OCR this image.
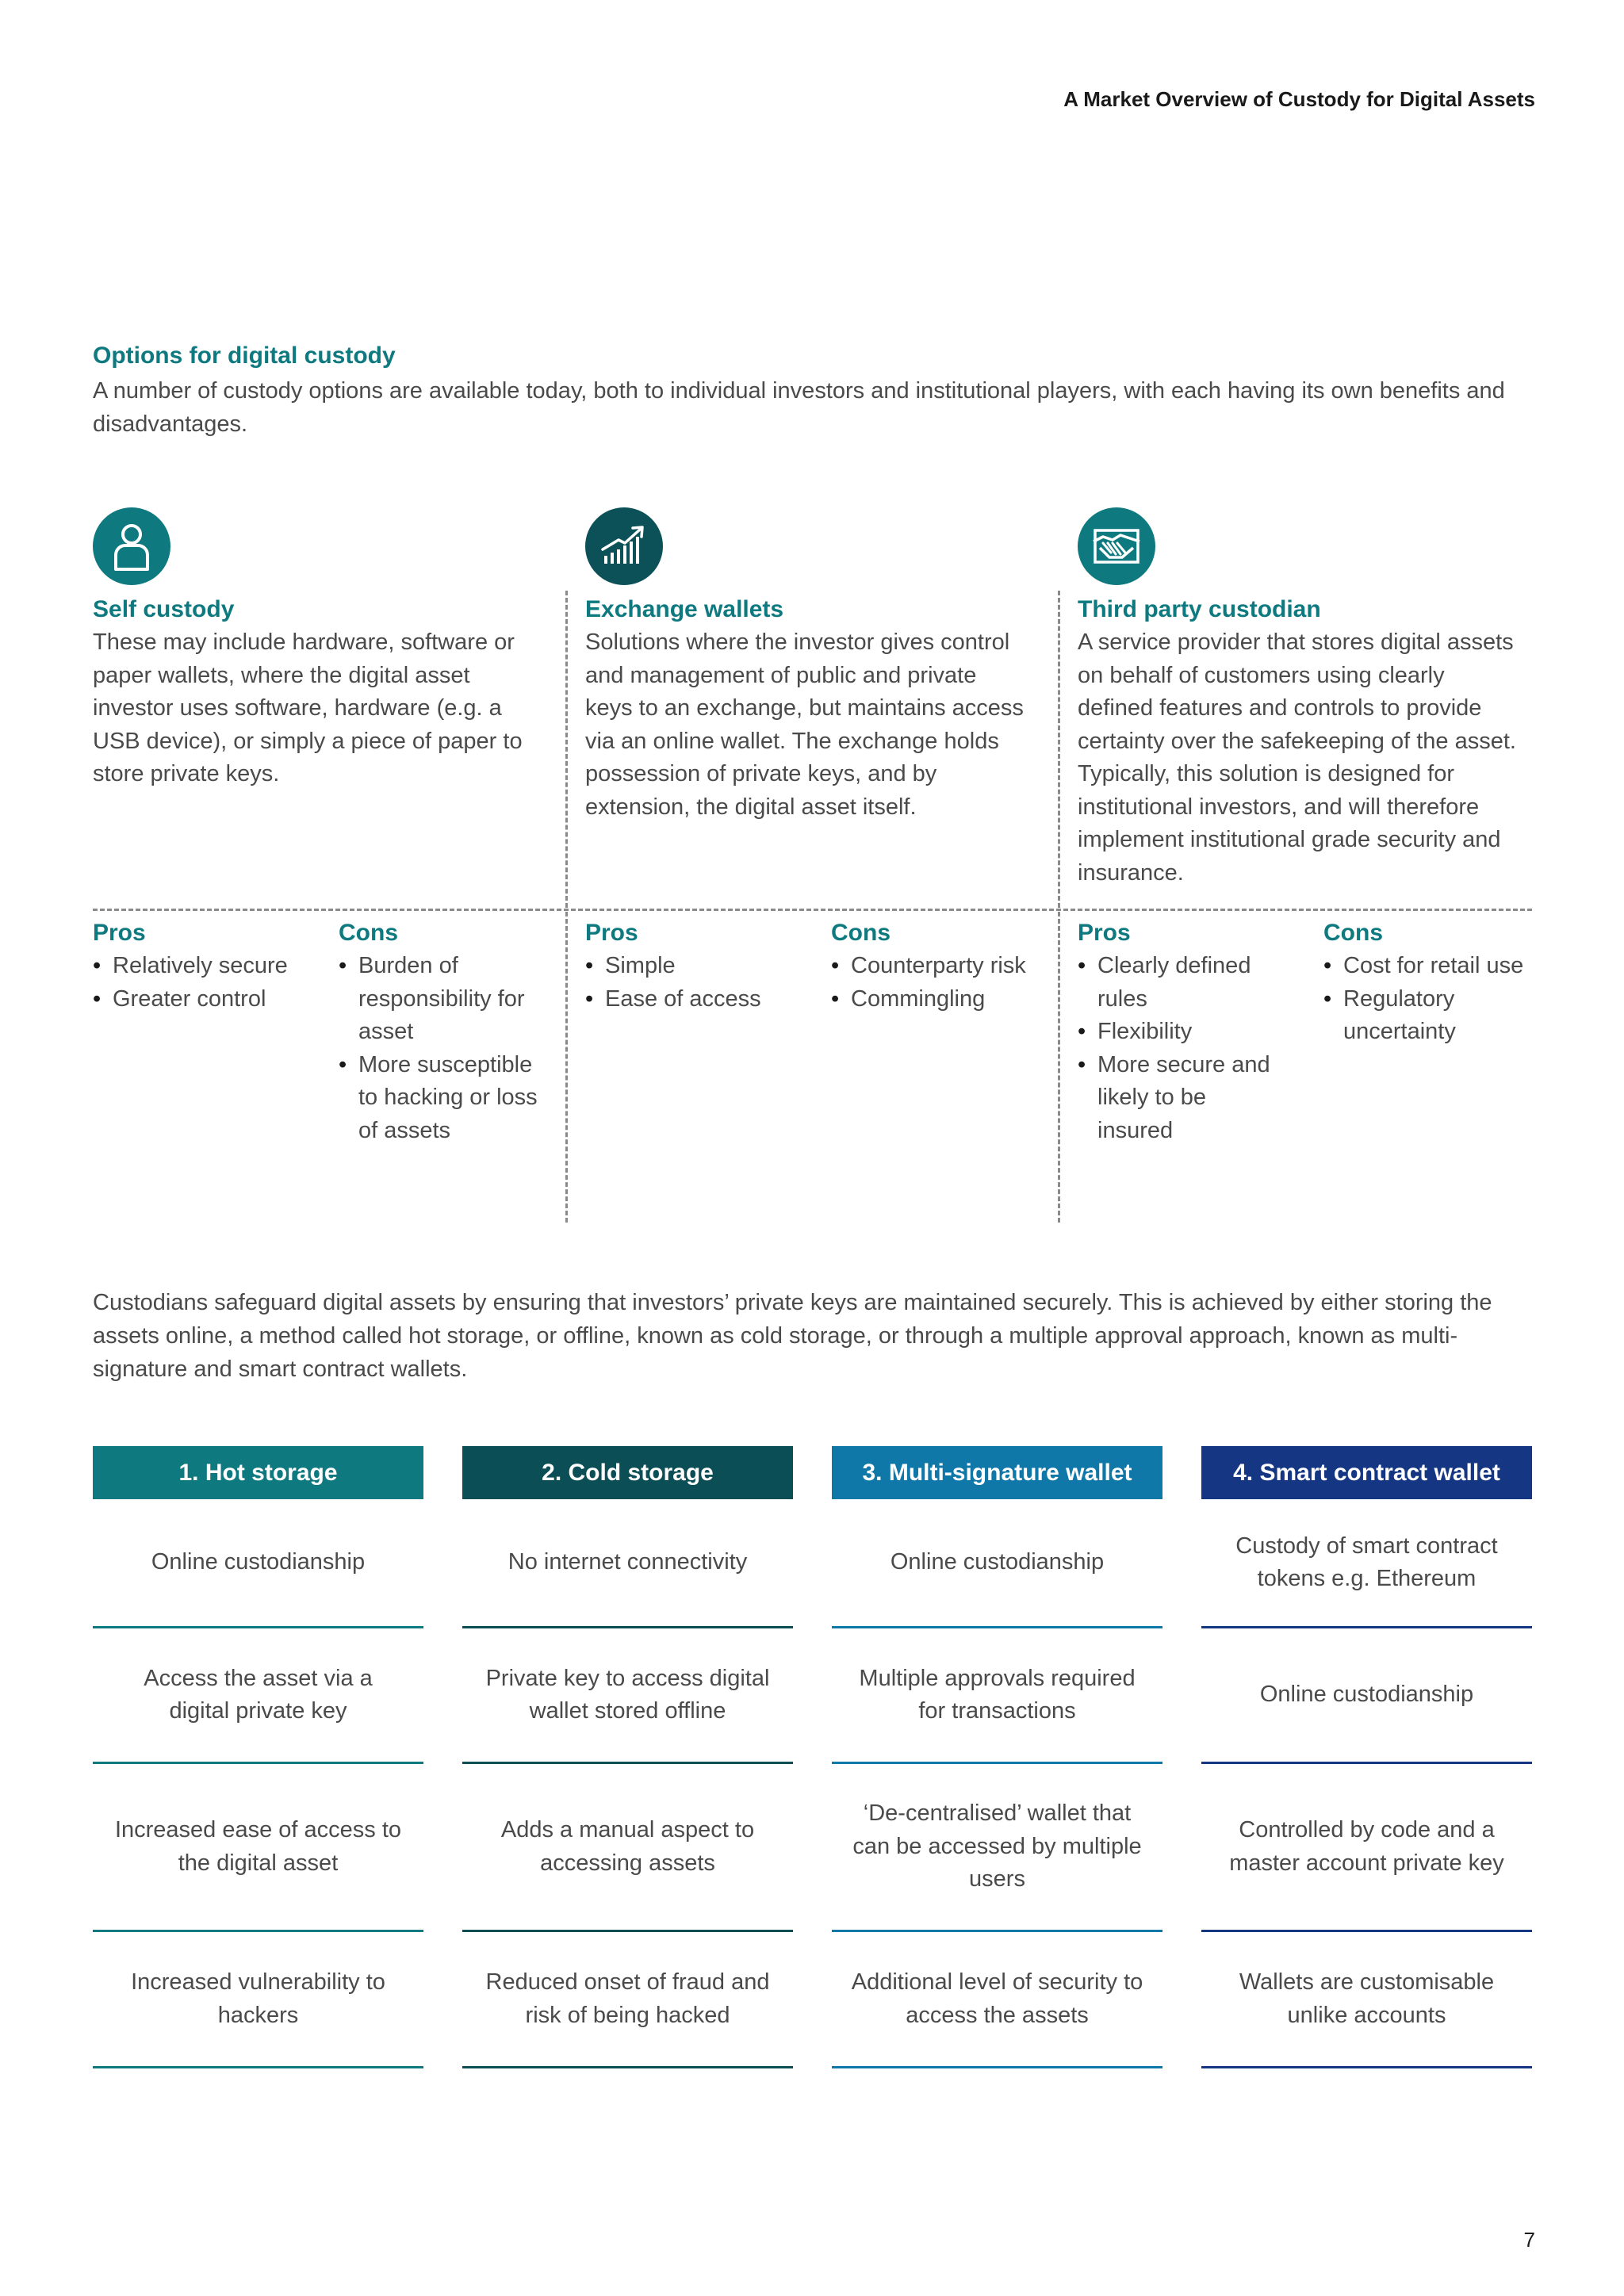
A Market Overview of Custody for Digital Assets
Options for digital custody
A number of custody options are available today, both to individual investors and institutional players, with each having its own benefits and disadvantages.
Self custody
These may include hardware, software or paper wallets, where the digital asset investor uses software, hardware (e.g. a USB device), or simply a piece of paper to store private keys.
Exchange wallets
Solutions where the investor gives control and management of public and private keys to an exchange, but maintains access via an online wallet. The exchange holds possession of private keys, and by extension, the digital asset itself.
Third party custodian
A service provider that stores digital assets on behalf of customers using clearly defined features and controls to provide certainty over the safekeeping of the asset. Typically, this solution is designed for institutional investors, and will therefore implement institutional grade security and insurance.
Pros
• Relatively secure
• Greater control
Cons
• Burden of responsibility for asset
• More susceptible to hacking or loss of assets
Pros
• Simple
• Ease of access
Cons
• Counterparty risk
• Commingling
Pros
• Clearly defined rules
• Flexibility
• More secure and likely to be insured
Cons
• Cost for retail use
• Regulatory uncertainty
Custodians safeguard digital assets by ensuring that investors’ private keys are maintained securely. This is achieved by either storing the assets online, a method called hot storage, or offline, known as cold storage, or through a multiple approval approach, known as multi-signature and smart contract wallets.
1. Hot storage
Online custodianship
Access the asset via a digital private key
Increased ease of access to the digital asset
Increased vulnerability to hackers
2. Cold storage
No internet connectivity
Private key to access digital wallet stored offline
Adds a manual aspect to accessing assets
Reduced onset of fraud and risk of being hacked
3. Multi-signature wallet
Online custodianship
Multiple approvals required for transactions
‘De-centralised’ wallet that can be accessed by multiple users
Additional level of security to access the assets
4. Smart contract wallet
Custody of smart contract tokens e.g. Ethereum
Online custodianship
Controlled by code and a master account private key
Wallets are customisable unlike accounts
7
